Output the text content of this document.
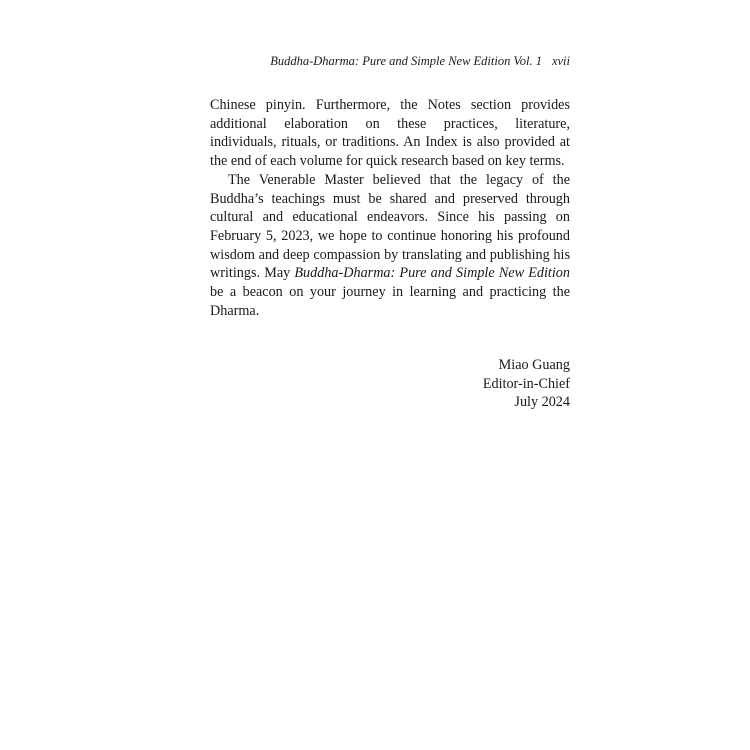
Buddha-Dharma: Pure and Simple New Edition Vol. 1 xvii

Chinese pinyin. Furthermore, the Notes section provides additional elaboration on these practices, literature, individuals, rituals, or traditions. An Index is also provided at the end of each volume for quick research based on key terms.

The Venerable Master believed that the legacy of the Buddha’s teachings must be shared and preserved through cultural and educational endeavors. Since his passing on February 5, 2023, we hope to continue honoring his profound wisdom and deep compassion by translating and publishing his writings. May Buddha-Dharma: Pure and Simple New Edition be a beacon on your journey in learning and practicing the Dharma.

Miao Guang
Editor-in-Chief
July 2024
